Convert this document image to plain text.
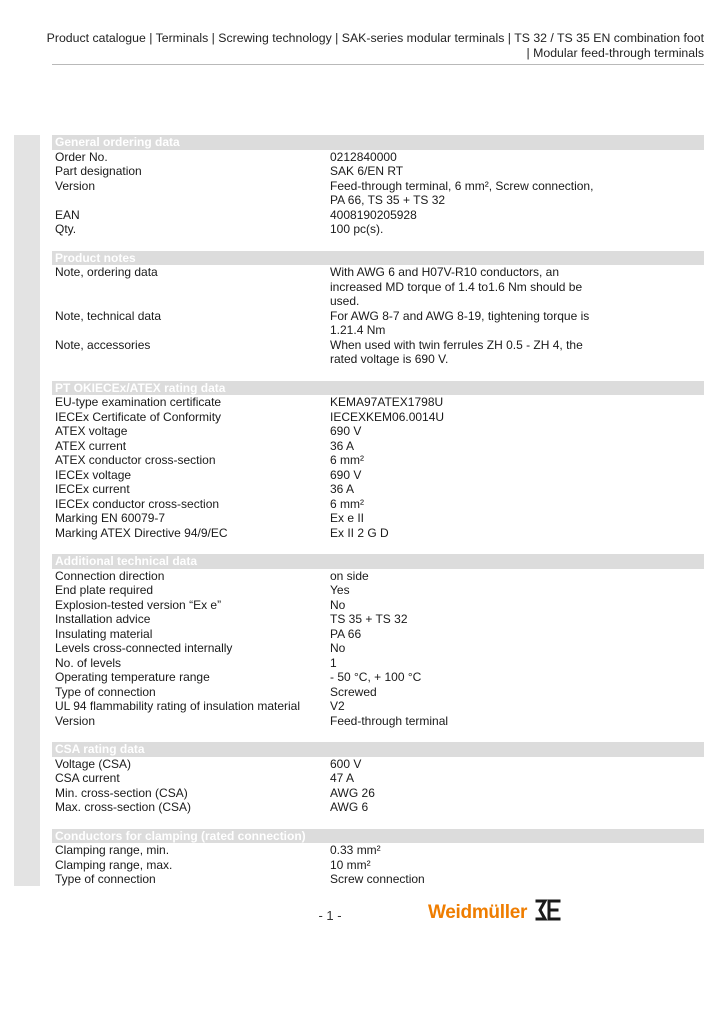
Product catalogue | Terminals | Screwing technology | SAK-series modular terminals | TS 32 / TS 35 EN combination foot
| Modular feed-through terminals
General ordering data
Order No.	0212840000
Part designation	SAK 6/EN RT
Version	Feed-through terminal, 6 mm², Screw connection, PA 66, TS 35 + TS 32
EAN	4008190205928
Qty.	100 pc(s).
Product notes
Note, ordering data	With AWG 6 and H07V-R10 conductors, an increased MD torque of 1.4 to1.6 Nm should be used.
Note, technical data	For AWG 8-7 and AWG 8-19, tightening torque is 1.21.4 Nm
Note, accessories	When used with twin ferrules ZH 0.5 - ZH 4, the rated voltage is 690 V.
PT OKIECEx/ATEX rating data
EU-type examination certificate	KEMA97ATEX1798U
IECEx Certificate of Conformity	IECEXKEM06.0014U
ATEX voltage	690 V
ATEX current	36 A
ATEX conductor cross-section	6 mm²
IECEx voltage	690 V
IECEx current	36 A
IECEx conductor cross-section	6 mm²
Marking EN 60079-7	Ex e II
Marking ATEX Directive 94/9/EC	Ex II 2 G D
Additional technical data
Connection direction	on side
End plate required	Yes
Explosion-tested version “Ex e”	No
Installation advice	TS 35 + TS 32
Insulating material	PA 66
Levels cross-connected internally	No
No. of levels	1
Operating temperature range	- 50 °C, + 100 °C
Type of connection	Screwed
UL 94 flammability rating of insulation material	V2
Version	Feed-through terminal
CSA rating data
Voltage (CSA)	600 V
CSA current	47 A
Min. cross-section (CSA)	AWG 26
Max. cross-section (CSA)	AWG 6
Conductors for clamping (rated connection)
Clamping range, min.	0.33 mm²
Clamping range, max.	10 mm²
Type of connection	Screw connection
- 1 -	Weidmüller
